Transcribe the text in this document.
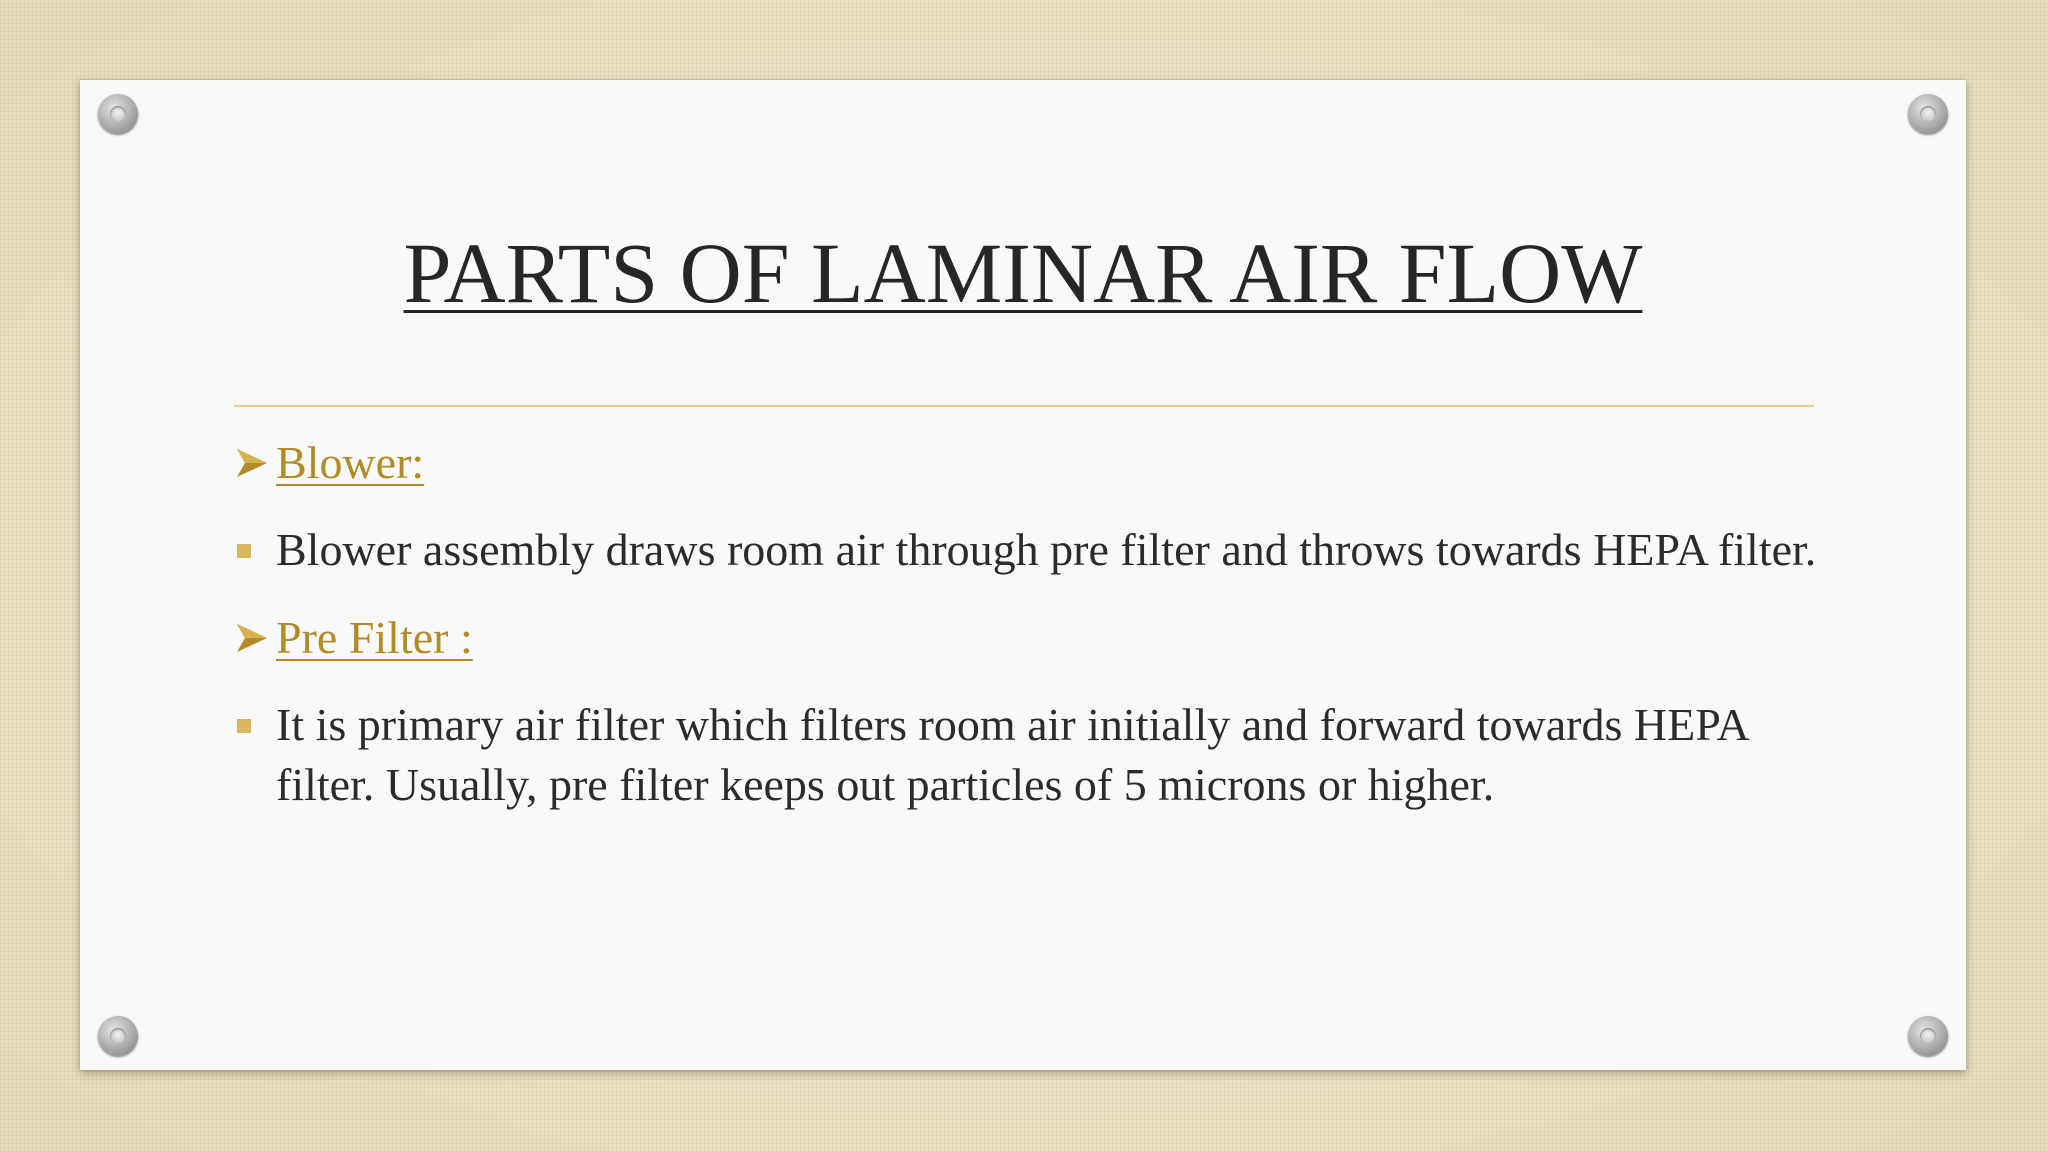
PARTS OF LAMINAR AIR FLOW
Blower:
Blower assembly draws room air through pre filter and throws towards HEPA filter.
Pre Filter :
It is primary air filter which filters room air initially and forward towards HEPA filter. Usually, pre filter keeps out particles of 5 microns or higher.
